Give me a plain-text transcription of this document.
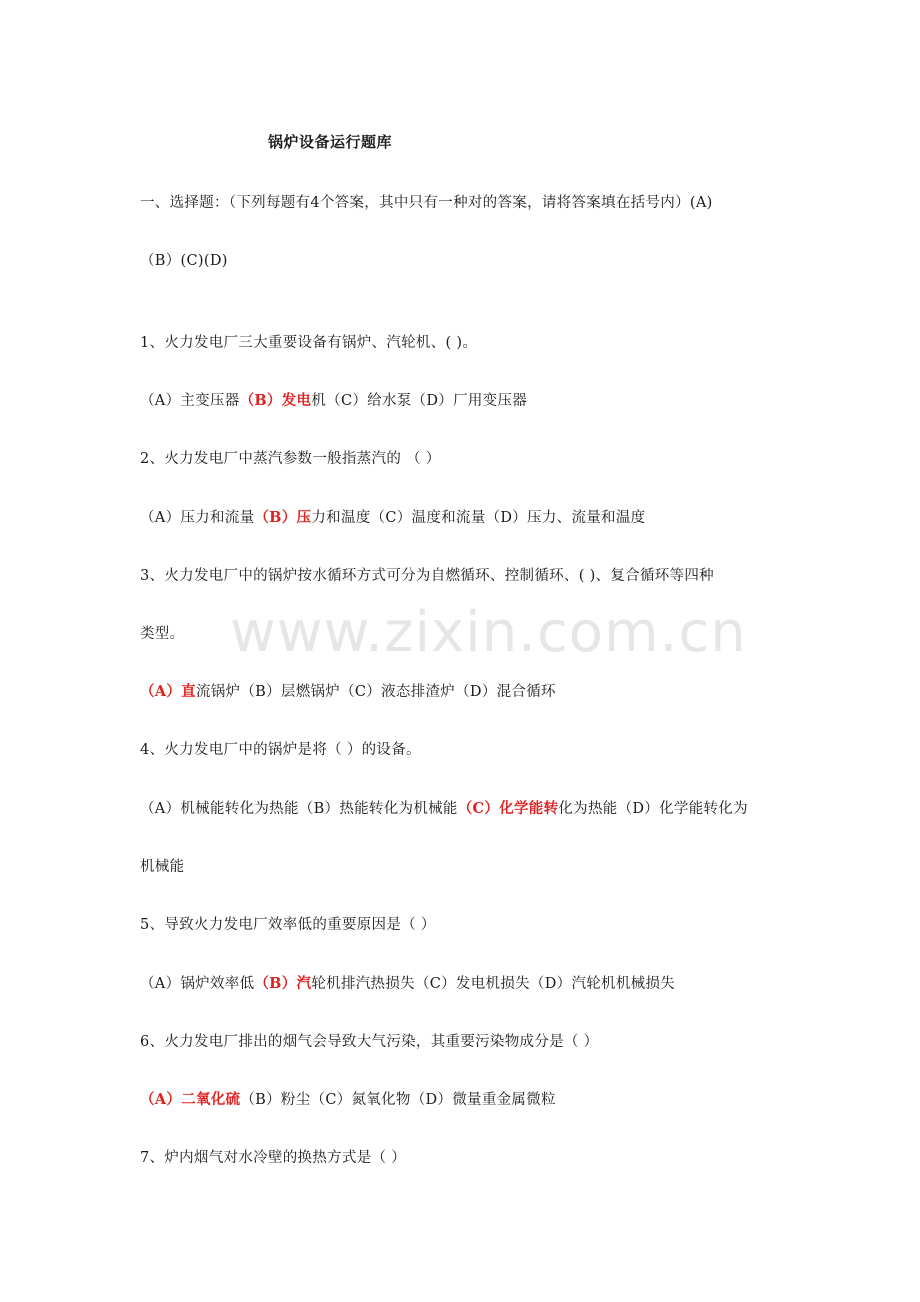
锅炉设备运行题库
一、选择题：（下列每题有4个答案，其中只有一种对的答案，请将答案填在括号内）(A)
（B）(C)(D)
1、火力发电厂三大重要设备有锅炉、汽轮机、( )。
（A）主变压器（B）发电机（C）给水泵（D）厂用变压器
2、火力发电厂中蒸汽参数一般指蒸汽的 （ ）
（A）压力和流量（B）压力和温度（C）温度和流量（D）压力、流量和温度
3、火力发电厂中的锅炉按水循环方式可分为自燃循环、控制循环、( )、复合循环等四种
类型。
（A）直流锅炉（B）层燃锅炉（C）液态排渣炉（D）混合循环
4、火力发电厂中的锅炉是将（ ）的设备。
（A）机械能转化为热能（B）热能转化为机械能（C）化学能转化为热能（D）化学能转化为
机械能
5、导致火力发电厂效率低的重要原因是（ ）
（A）锅炉效率低（B）汽轮机排汽热损失（C）发电机损失（D）汽轮机机械损失
6、火力发电厂排出的烟气会导致大气污染，其重要污染物成分是（ ）
（A）二氧化硫（B）粉尘（C）氮氧化物（D）微量重金属微粒
7、炉内烟气对水冷壁的换热方式是（ ）
www.zixin.com.cn
